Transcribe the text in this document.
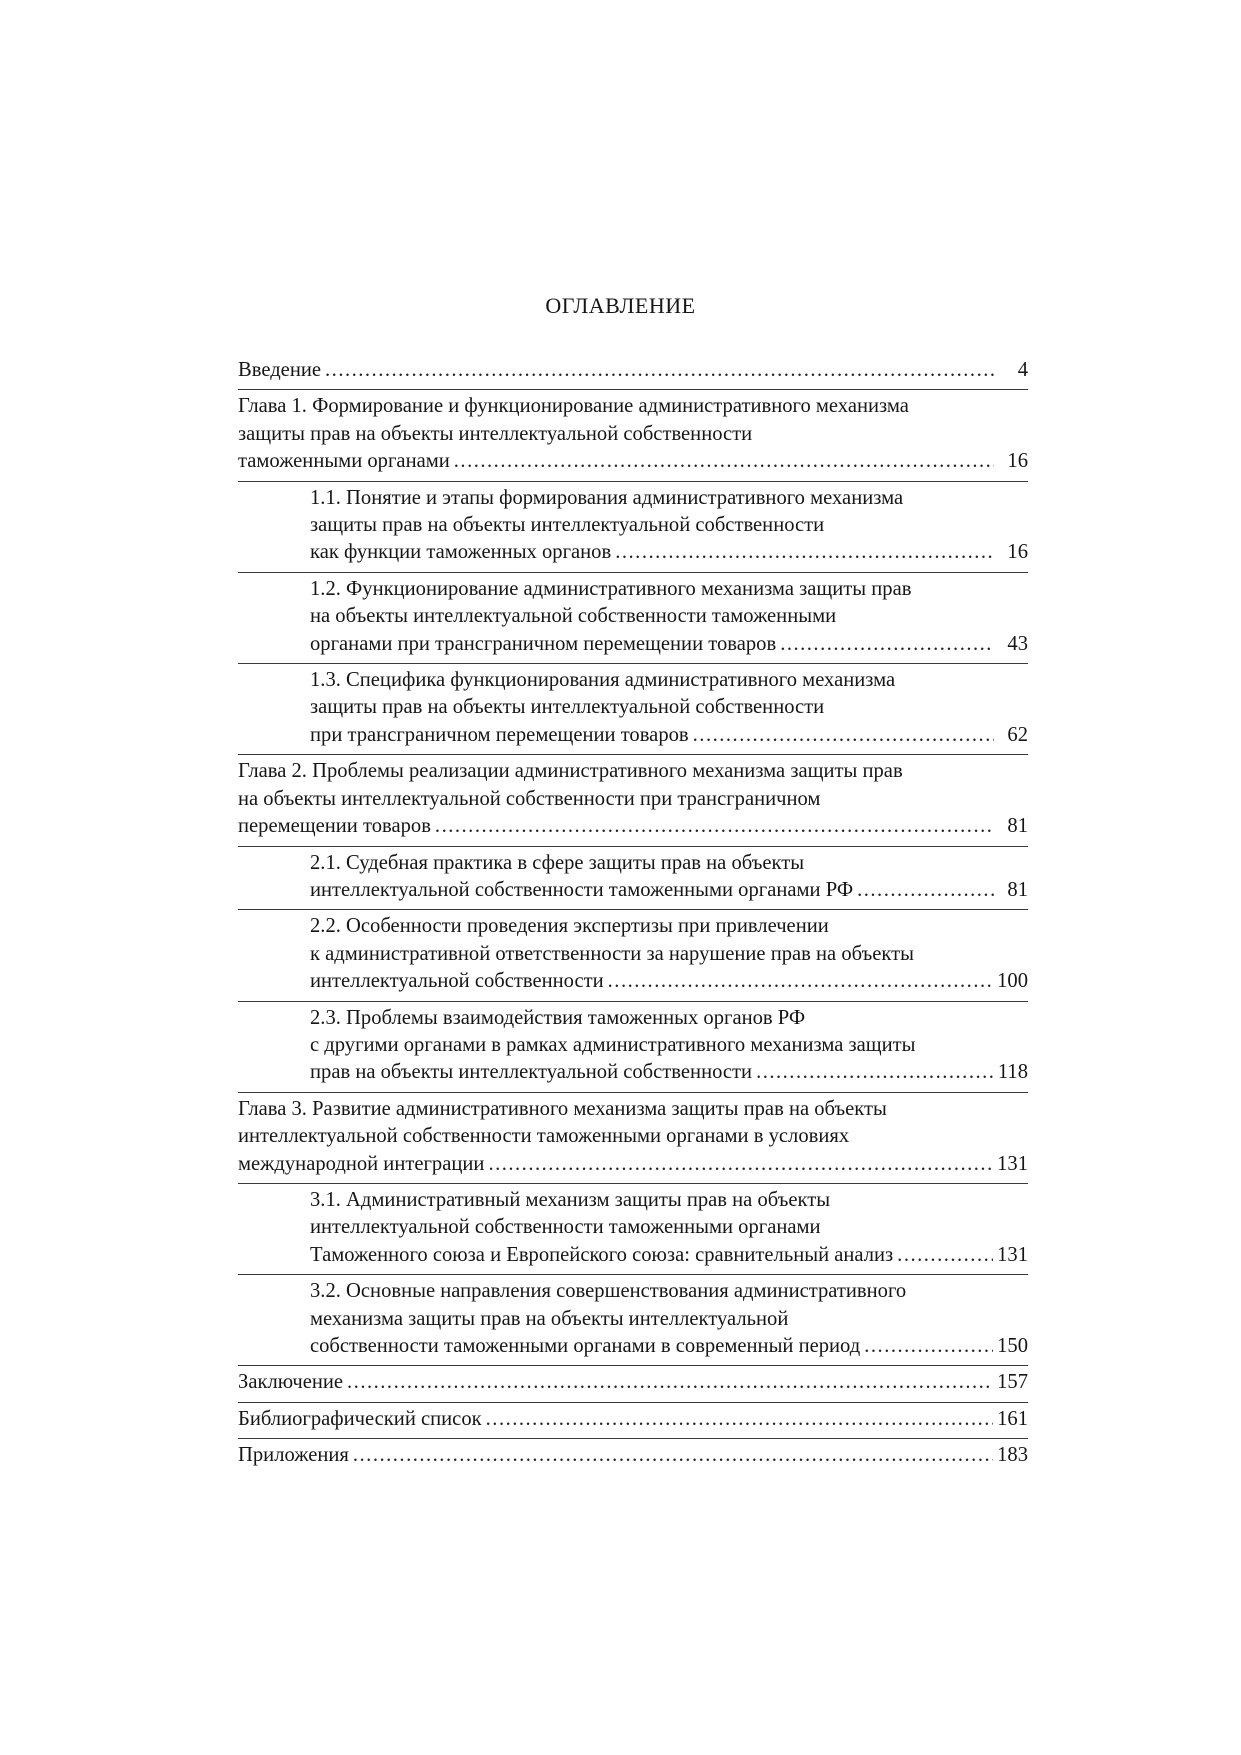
ОГЛАВЛЕНИЕ
Введение .....	4
Глава 1. Формирование и функционирование административного механизма
защиты прав на объекты интеллектуальной собственности
таможенными органами .....	16
1.1. Понятие и этапы формирования административного механизма
защиты прав на объекты интеллектуальной собственности
как функции таможенных органов .....	16
1.2. Функционирование административного механизма защиты прав
на объекты интеллектуальной собственности таможенными
органами при трансграничном перемещении товаров .....	43
1.3. Специфика функционирования административного механизма
защиты прав на объекты интеллектуальной собственности
при трансграничном перемещении товаров .....	62
Глава 2. Проблемы реализации административного механизма защиты прав
на объекты интеллектуальной собственности при трансграничном
перемещении товаров .....	81
2.1. Судебная практика в сфере защиты прав на объекты
интеллектуальной собственности таможенными органами РФ .....	81
2.2. Особенности проведения экспертизы при привлечении
к административной ответственности за нарушение прав на объекты
интеллектуальной собственности .....	100
2.3. Проблемы взаимодействия таможенных органов РФ
с другими органами в рамках административного механизма защиты
прав на объекты интеллектуальной собственности .....	118
Глава 3. Развитие административного механизма защиты прав на объекты
интеллектуальной собственности таможенными органами в условиях
международной интеграции .....	131
3.1. Административный механизм защиты прав на объекты
интеллектуальной собственности таможенными органами
Таможенного союза и Европейского союза: сравнительный анализ .....	131
3.2. Основные направления совершенствования административного
механизма защиты прав на объекты интеллектуальной
собственности таможенными органами в современный период .....	150
Заключение .....	157
Библиографический список .....	161
Приложения .....	183
